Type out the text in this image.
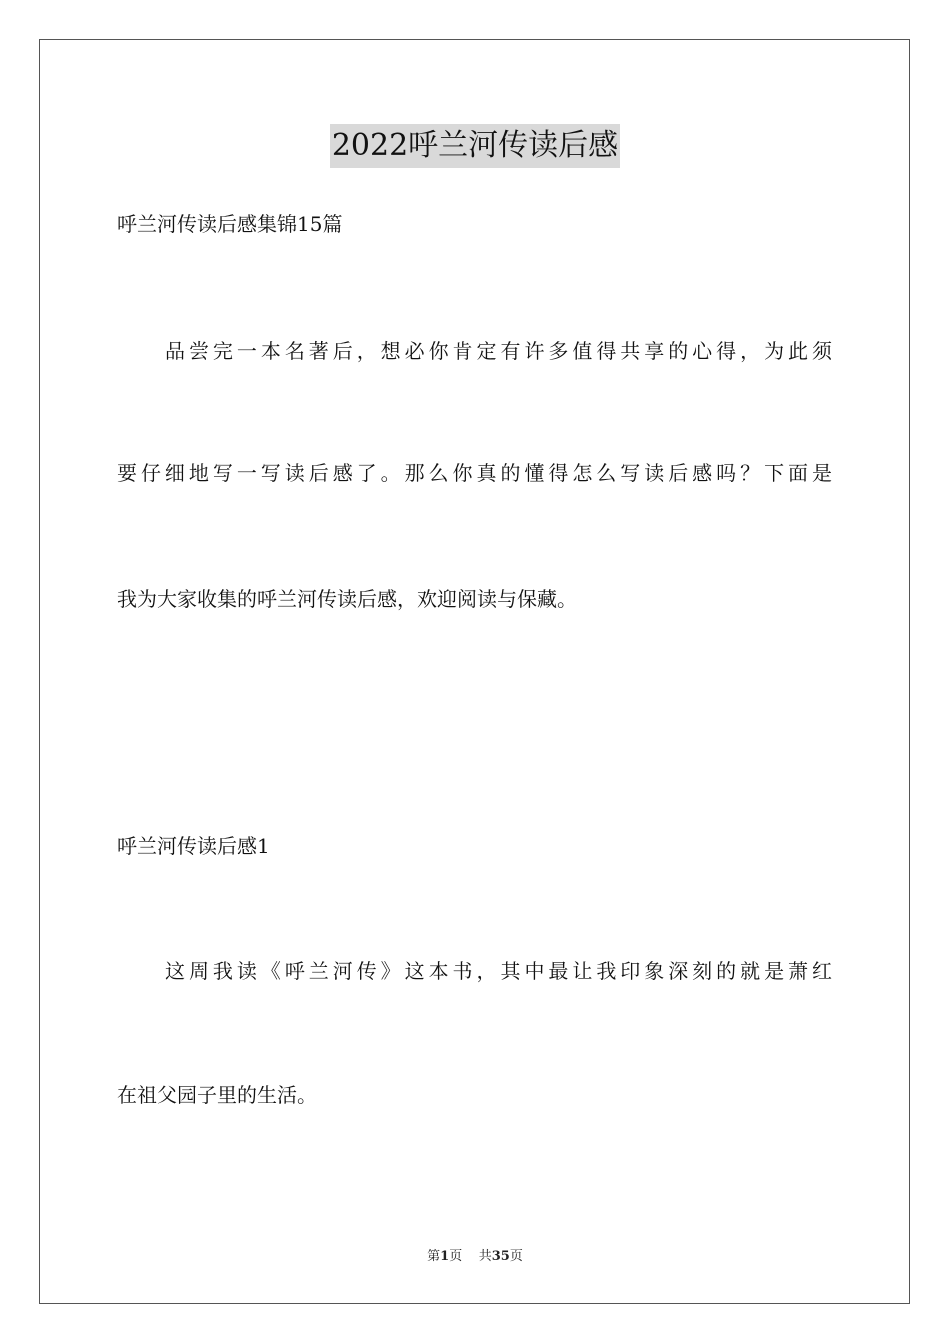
2022呼兰河传读后感
呼兰河传读后感集锦15篇
品尝完一本名著后，想必你肯定有许多值得共享的心得，为此须
要仔细地写一写读后感了。那么你真的懂得怎么写读后感吗？下面是
我为大家收集的呼兰河传读后感，欢迎阅读与保藏。
呼兰河传读后感1
这周我读《呼兰河传》这本书，其中最让我印象深刻的就是萧红
在祖父园子里的生活。
第1页 共35页
